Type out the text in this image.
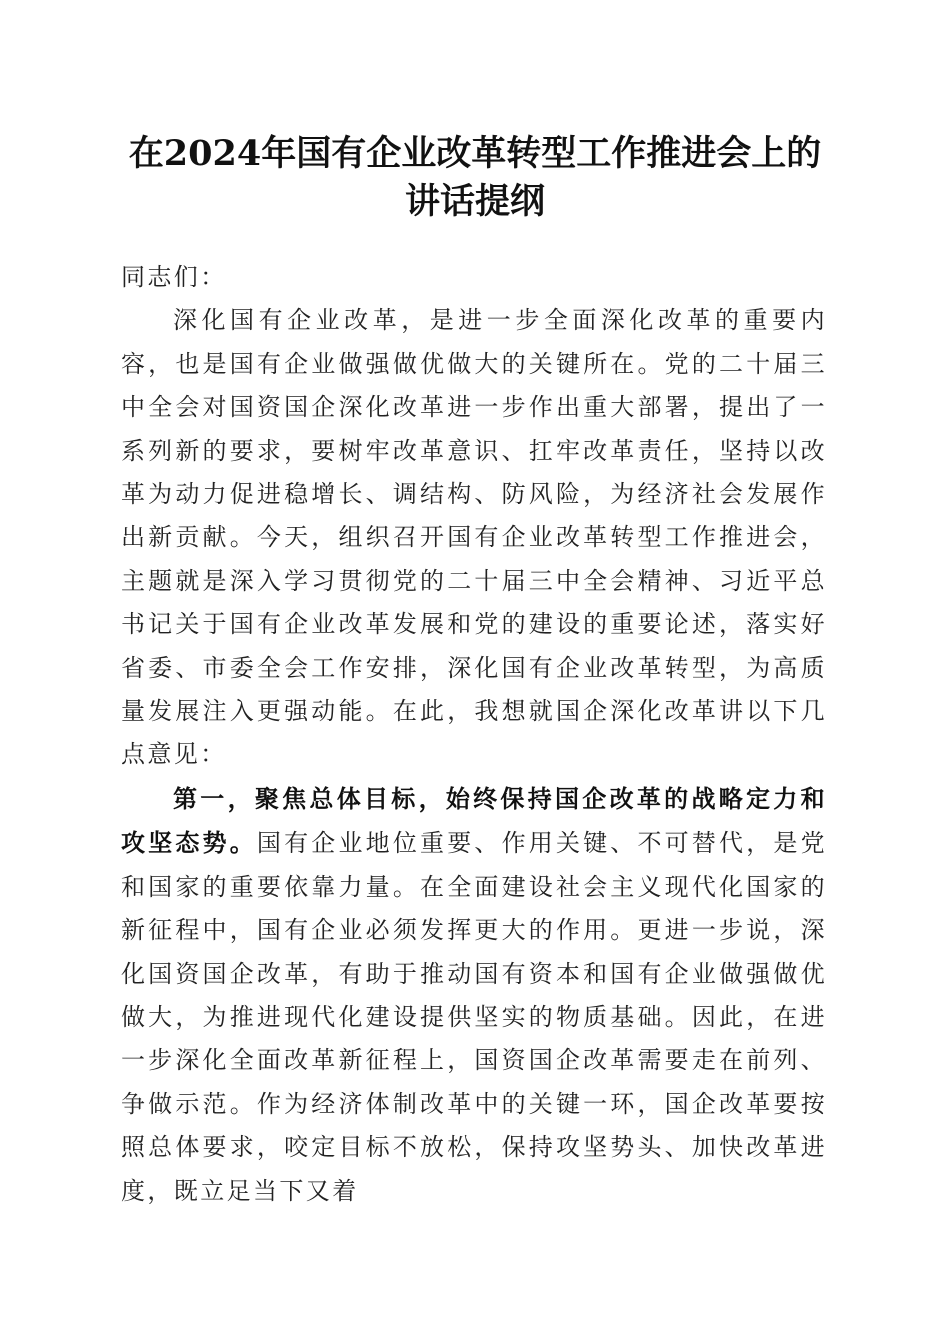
在2024年国有企业改革转型工作推进会上的
讲话提纲

同志们：

深化国有企业改革，是进一步全面深化改革的重要内容，也是国有企业做强做优做大的关键所在。党的二十届三中全会对国资国企深化改革进一步作出重大部署，提出了一系列新的要求，要树牢改革意识、扛牢改革责任，坚持以改革为动力促进稳增长、调结构、防风险，为经济社会发展作出新贡献。今天，组织召开国有企业改革转型工作推进会，主题就是深入学习贯彻党的二十届三中全会精神、习近平总书记关于国有企业改革发展和党的建设的重要论述，落实好省委、市委全会工作安排，深化国有企业改革转型，为高质量发展注入更强动能。在此，我想就国企深化改革讲以下几点意见：

第一，聚焦总体目标，始终保持国企改革的战略定力和攻坚态势。国有企业地位重要、作用关键、不可替代，是党和国家的重要依靠力量。在全面建设社会主义现代化国家的新征程中，国有企业必须发挥更大的作用。更进一步说，深化国资国企改革，有助于推动国有资本和国有企业做强做优做大，为推进现代化建设提供坚实的物质基础。因此，在进一步深化全面改革新征程上，国资国企改革需要走在前列、争做示范。作为经济体制改革中的关键一环，国企改革要按照总体要求，咬定目标不放松，保持攻坚势头、加快改革进度，既立足当下又着
